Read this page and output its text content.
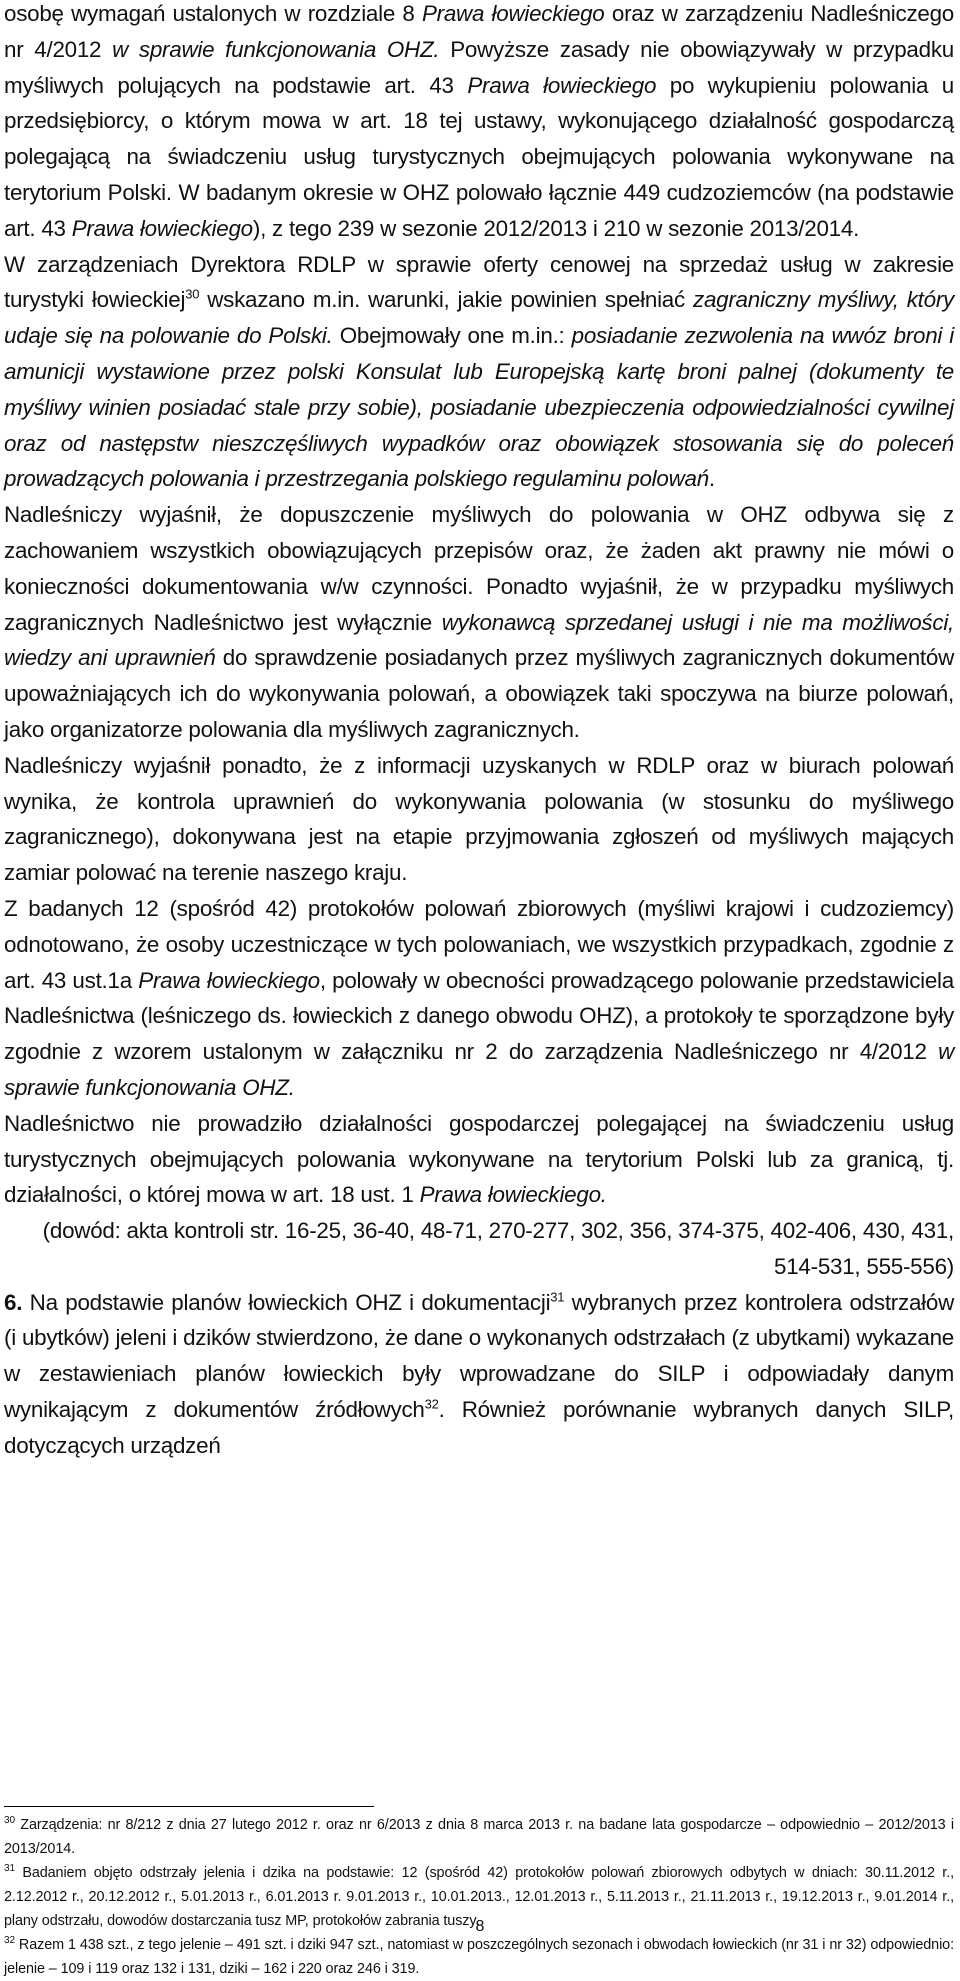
osobę wymagań ustalonych w rozdziale 8 Prawa łowieckiego oraz w zarządzeniu Nadleśniczego nr 4/2012 w sprawie funkcjonowania OHZ. Powyższe zasady nie obowiązywały w przypadku myśliwych polujących na podstawie art. 43 Prawa łowieckiego po wykupieniu polowania u przedsiębiorcy, o którym mowa w art. 18 tej ustawy, wykonującego działalność gospodarczą polegającą na świadczeniu usług turystycznych obejmujących polowania wykonywane na terytorium Polski. W badanym okresie w OHZ polowało łącznie 449 cudzoziemców (na podstawie art. 43 Prawa łowieckiego), z tego 239 w sezonie 2012/2013 i 210 w sezonie 2013/2014.

W zarządzeniach Dyrektora RDLP w sprawie oferty cenowej na sprzedaż usług w zakresie turystyki łowieckiej$^{30}$ wskazano m.in. warunki, jakie powinien spełniać zagraniczny myśliwy, który udaje się na polowanie do Polski. Obejmowały one m.in.: posiadanie zezwolenia na wwóz broni i amunicji wystawione przez polski Konsulat lub Europejską kartę broni palnej (dokumenty te myśliwy winien posiadać stale przy sobie), posiadanie ubezpieczenia odpowiedzialności cywilnej oraz od następstw nieszczęśliwych wypadków oraz obowiązek stosowania się do poleceń prowadzących polowania i przestrzegania polskiego regulaminu polowań.

Nadleśniczy wyjaśnił, że dopuszczenie myśliwych do polowania w OHZ odbywa się z zachowaniem wszystkich obowiązujących przepisów oraz, że żaden akt prawny nie mówi o konieczności dokumentowania w/w czynności. Ponadto wyjaśnił, że w przypadku myśliwych zagranicznych Nadleśnictwo jest wyłącznie wykonawcą sprzedanej usługi i nie ma możliwości, wiedzy ani uprawnień do sprawdzenie posiadanych przez myśliwych zagranicznych dokumentów upoważniających ich do wykonywania polowań, a obowiązek taki spoczywa na biurze polowań, jako organizatorze polowania dla myśliwych zagranicznych.

Nadleśniczy wyjaśnił ponadto, że z informacji uzyskanych w RDLP oraz w biurach polowań wynika, że kontrola uprawnień do wykonywania polowania (w stosunku do myśliwego zagranicznego), dokonywana jest na etapie przyjmowania zgłoszeń od myśliwych mających zamiar polować na terenie naszego kraju.

Z badanych 12 (spośród 42) protokołów polowań zbiorowych (myśliwi krajowi i cudzoziemcy) odnotowano, że osoby uczestniczące w tych polowaniach, we wszystkich przypadkach, zgodnie z art. 43 ust.1a Prawa łowieckiego, polowały w obecności prowadzącego polowanie przedstawiciela Nadleśnictwa (leśniczego ds. łowieckich z danego obwodu OHZ), a protokoły te sporządzone były zgodnie z wzorem ustalonym w załączniku nr 2 do zarządzenia Nadleśniczego nr 4/2012 w sprawie funkcjonowania OHZ.

Nadleśnictwo nie prowadziło działalności gospodarczej polegającej na świadczeniu usług turystycznych obejmujących polowania wykonywane na terytorium Polski lub za granicą, tj. działalności, o której mowa w art. 18 ust. 1 Prawa łowieckiego.

(dowód: akta kontroli str. 16-25, 36-40, 48-71, 270-277, 302, 356, 374-375, 402-406, 430, 431, 514-531, 555-556)

6. Na podstawie planów łowieckich OHZ i dokumentacji$^{31}$ wybranych przez kontrolera odstrzałów (i ubytków) jeleni i dzików stwierdzono, że dane o wykonanych odstrzałach (z ubytkami) wykazane w zestawieniach planów łowieckich były wprowadzane do SILP i odpowiadały danym wynikającym z dokumentów źródłowych$^{32}$. Również porównanie wybranych danych SILP, dotyczących urządzeń

$^{30}$ Zarządzenia: nr 8/212 z dnia 27 lutego 2012 r. oraz nr 6/2013 z dnia 8 marca 2013 r. na badane lata gospodarcze – odpowiednio – 2012/2013 i 2013/2014.

$^{31}$ Badaniem objęto odstrzały jelenia i dzika na podstawie: 12 (spośród 42) protokołów polowań zbiorowych odbytych w dniach: 30.11.2012 r., 2.12.2012 r., 20.12.2012 r., 5.01.2013 r., 6.01.2013 r. 9.01.2013 r., 10.01.2013., 12.01.2013 r., 5.11.2013 r., 21.11.2013 r., 19.12.2013 r., 9.01.2014 r., plany odstrzału, dowodów dostarczania tusz MP, protokołów zabrania tuszy.

$^{32}$ Razem 1 438 szt., z tego jelenie – 491 szt. i dziki 947 szt., natomiast w poszczególnych sezonach i obwodach łowieckich (nr 31 i nr 32) odpowiednio: jelenie – 109 i 119 oraz 132 i 131, dziki – 162 i 220 oraz 246 i 319.

8
